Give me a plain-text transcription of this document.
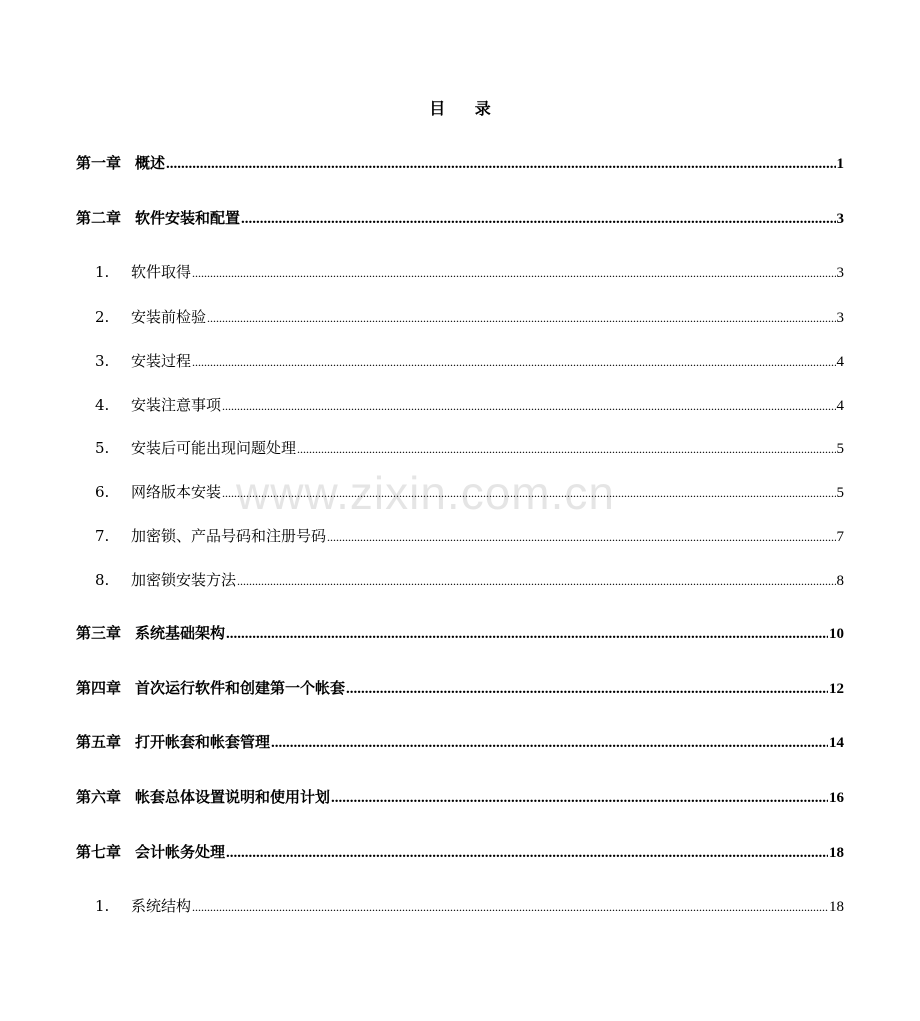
目 录
第一章 概述 .....	1
第二章 软件安装和配置 .....	3
1.	软件取得 .....	3
2.	安装前检验 .....	3
3.	安装过程 .....	4
4.	安装注意事项 .....	4
5.	安装后可能出现问题处理 .....	5
6.	网络版本安装 .....	5
7.	加密锁、产品号码和注册号码 .....	7
8.	加密锁安装方法 .....	8
第三章 系统基础架构 .....	10
第四章 首次运行软件和创建第一个帐套 .....	12
第五章 打开帐套和帐套管理 .....	14
第六章 帐套总体设置说明和使用计划 .....	16
第七章 会计帐务处理 .....	18
1.	系统结构 .....	18
www.zixin.com.cn
